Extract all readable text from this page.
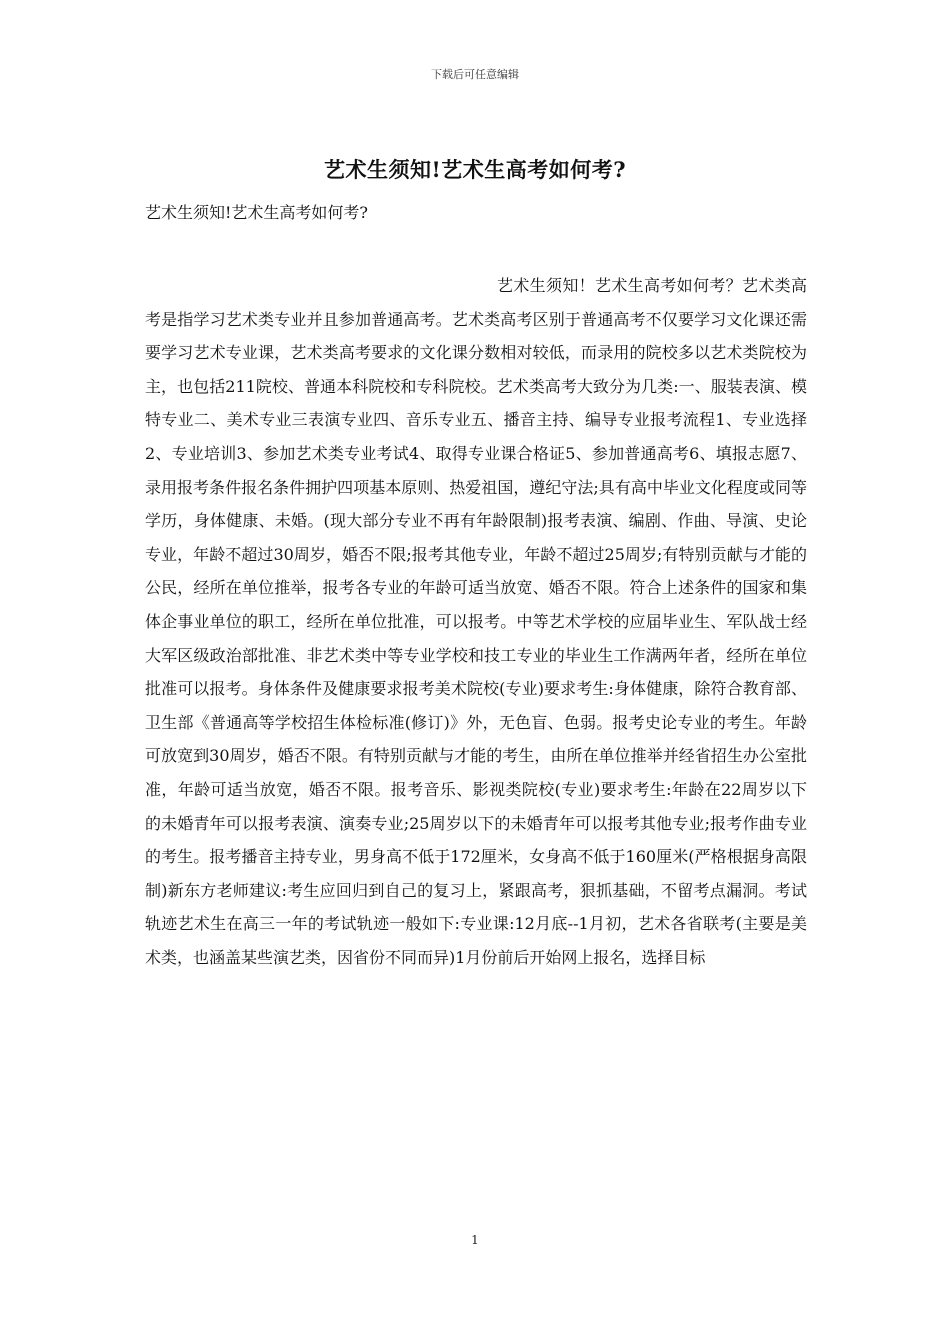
下载后可任意编辑
艺术生须知!艺术生高考如何考?

艺术生须知!艺术生高考如何考?

艺术生须知！艺术生高考如何考？艺术类高考是指学习艺术类专业并且参加普通高考。艺术类高考区别于普通高考不仅要学习文化课还需要学习艺术专业课，艺术类高考要求的文化课分数相对较低，而录用的院校多以艺术类院校为主，也包括211院校、普通本科院校和专科院校。艺术类高考大致分为几类:一、服装表演、模特专业二、美术专业三表演专业四、音乐专业五、播音主持、编导专业报考流程1、专业选择2、专业培训3、参加艺术类专业考试4、取得专业课合格证5、参加普通高考6、填报志愿7、录用报考条件报名条件拥护四项基本原则、热爱祖国，遵纪守法;具有高中毕业文化程度或同等学历，身体健康、未婚。(现大部分专业不再有年龄限制)报考表演、编剧、作曲、导演、史论专业，年龄不超过30周岁，婚否不限;报考其他专业，年龄不超过25周岁;有特别贡献与才能的公民，经所在单位推举，报考各专业的年龄可适当放宽、婚否不限。符合上述条件的国家和集体企事业单位的职工，经所在单位批准，可以报考。中等艺术学校的应届毕业生、军队战士经大军区级政治部批准、非艺术类中等专业学校和技工专业的毕业生工作满两年者，经所在单位批准可以报考。身体条件及健康要求报考美术院校(专业)要求考生:身体健康，除符合教育部、卫生部《普通高等学校招生体检标准(修订)》外，无色盲、色弱。报考史论专业的考生。年龄可放宽到30周岁，婚否不限。有特别贡献与才能的考生，由所在单位推举并经省招生办公室批准，年龄可适当放宽，婚否不限。报考音乐、影视类院校(专业)要求考生:年龄在22周岁以下的未婚青年可以报考表演、演奏专业;25周岁以下的未婚青年可以报考其他专业;报考作曲专业的考生。报考播音主持专业，男身高不低于172厘米，女身高不低于160厘米(严格根据身高限制)新东方老师建议:考生应回归到自己的复习上，紧跟高考，狠抓基础，不留考点漏洞。考试轨迹艺术生在高三一年的考试轨迹一般如下:专业课:12月底--1月初，艺术各省联考(主要是美术类，也涵盖某些演艺类，因省份不同而异)1月份前后开始网上报名，选择目标

1
